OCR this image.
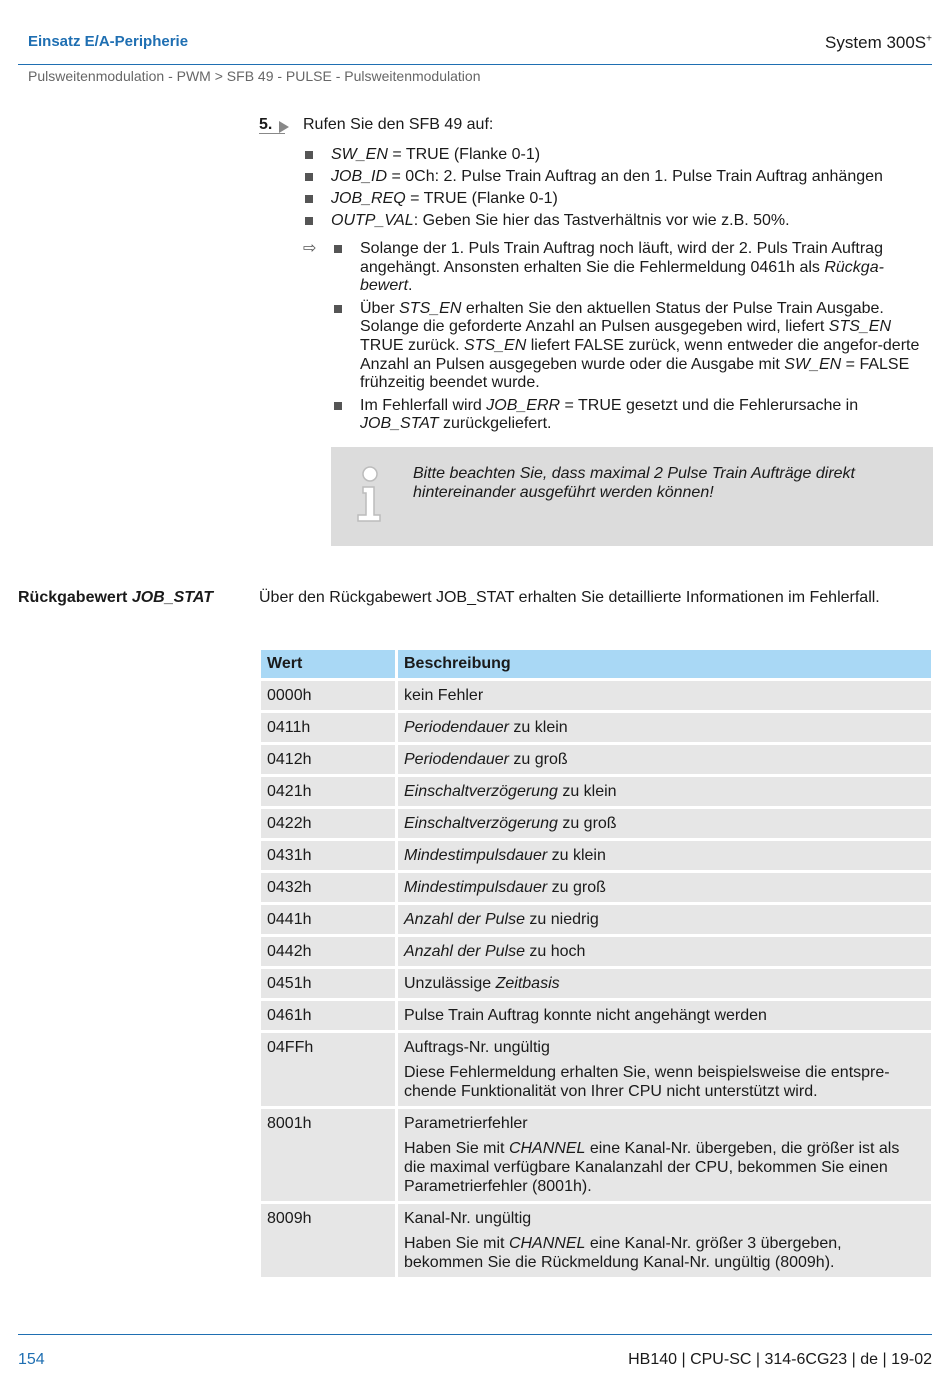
Einsatz E/A-Peripherie	System 300S+
Pulsweitenmodulation - PWM > SFB 49 - PULSE - Pulsweitenmodulation
5. Rufen Sie den SFB 49 auf:
SW_EN = TRUE (Flanke 0-1)
JOB_ID = 0Ch: 2. Pulse Train Auftrag an den 1. Pulse Train Auftrag anhängen
JOB_REQ = TRUE (Flanke 0-1)
OUTP_VAL: Geben Sie hier das Tastverhältnis vor wie z.B. 50%.
⇨	Solange der 1. Puls Train Auftrag noch läuft, wird der 2. Puls Train Auftrag angehängt. Ansonsten erhalten Sie die Fehlermeldung 0461h als Rückga-bewert.
Über STS_EN erhalten Sie den aktuellen Status der Pulse Train Ausgabe. Solange die geforderte Anzahl an Pulsen ausgegeben wird, liefert STS_EN TRUE zurück. STS_EN liefert FALSE zurück, wenn entweder die angefor-derte Anzahl an Pulsen ausgegeben wurde oder die Ausgabe mit SW_EN = FALSE frühzeitig beendet wurde.
Im Fehlerfall wird JOB_ERR = TRUE gesetzt und die Fehlerursache in JOB_STAT zurückgeliefert.
Bitte beachten Sie, dass maximal 2 Pulse Train Aufträge direkt hintereinander ausgeführt werden können!
Rückgabewert JOB_STAT	Über den Rückgabewert JOB_STAT erhalten Sie detaillierte Informationen im Fehlerfall.
Wert	Beschreibung
0000h	kein Fehler
0411h	Periodendauer zu klein
0412h	Periodendauer zu groß
0421h	Einschaltverzögerung zu klein
0422h	Einschaltverzögerung zu groß
0431h	Mindestimpulsdauer zu klein
0432h	Mindestimpulsdauer zu groß
0441h	Anzahl der Pulse zu niedrig
0442h	Anzahl der Pulse zu hoch
0451h	Unzulässige Zeitbasis
0461h	Pulse Train Auftrag konnte nicht angehängt werden
04FFh	Auftrags-Nr. ungültig
Diese Fehlermeldung erhalten Sie, wenn beispielsweise die entspre-chende Funktionalität von Ihrer CPU nicht unterstützt wird.

8001h	Parametrierfehler
Haben Sie mit CHANNEL eine Kanal-Nr. übergeben, die größer ist als die maximal verfügbare Kanalanzahl der CPU, bekommen Sie einen Parametrierfehler (8001h).

8009h	Kanal-Nr. ungültig
Haben Sie mit CHANNEL eine Kanal-Nr. größer 3 übergeben, bekommen Sie die Rückmeldung Kanal-Nr. ungültig (8009h).
154	HB140 | CPU-SC | 314-6CG23 | de | 19-02
